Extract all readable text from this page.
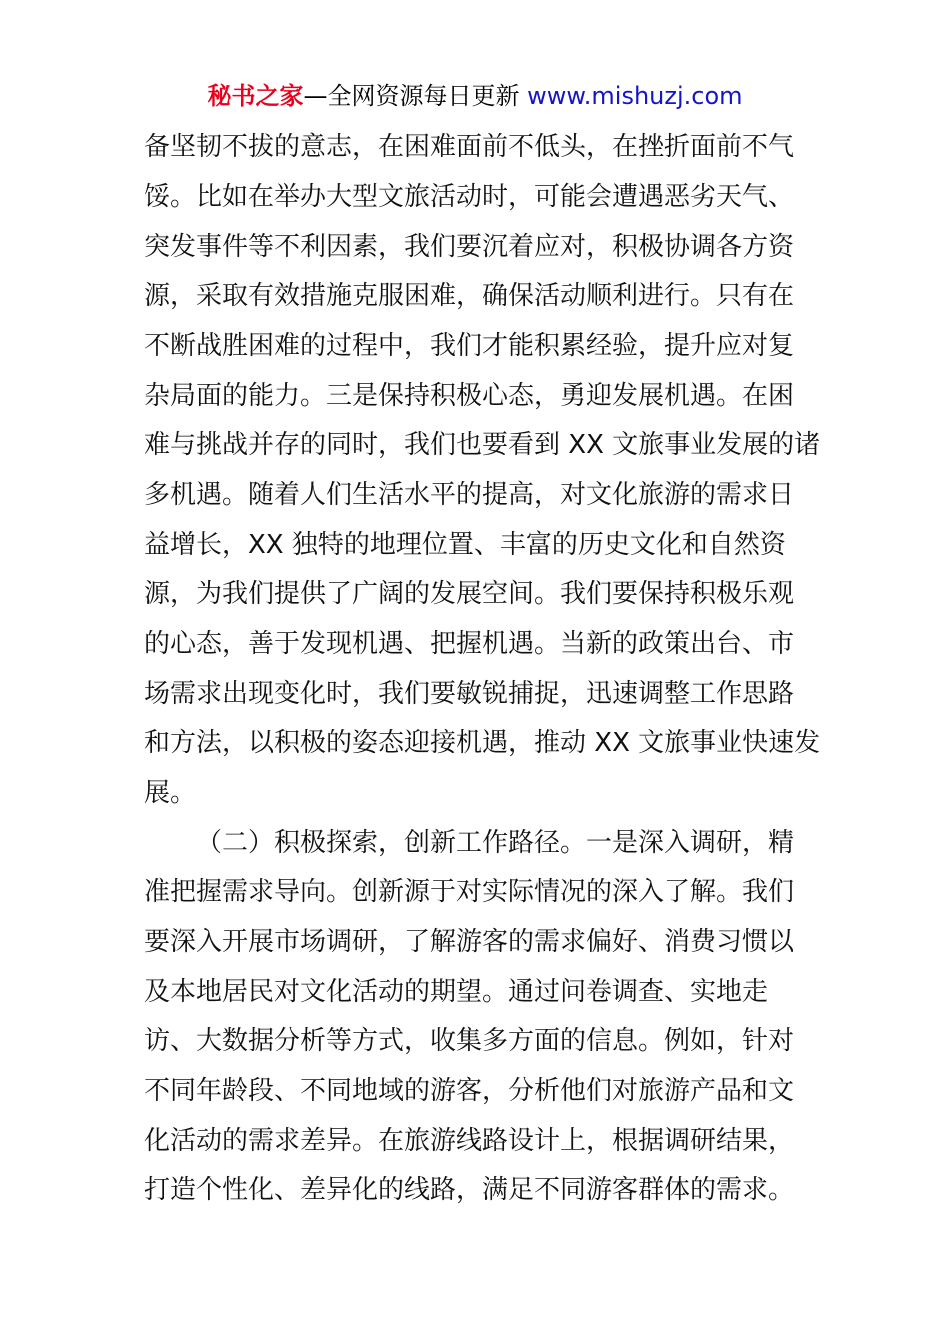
秘书之家—全网资源每日更新 www.mishuzj.com
备坚韧不拔的意志，在困难面前不低头，在挫折面前不气
馁。比如在举办大型文旅活动时，可能会遭遇恶劣天气、
突发事件等不利因素，我们要沉着应对，积极协调各方资
源，采取有效措施克服困难，确保活动顺利进行。只有在
不断战胜困难的过程中，我们才能积累经验，提升应对复
杂局面的能力。三是保持积极心态，勇迎发展机遇。在困
难与挑战并存的同时，我们也要看到 XX 文旅事业发展的诸
多机遇。随着人们生活水平的提高，对文化旅游的需求日
益增长，XX 独特的地理位置、丰富的历史文化和自然资
源，为我们提供了广阔的发展空间。我们要保持积极乐观
的心态，善于发现机遇、把握机遇。当新的政策出台、市
场需求出现变化时，我们要敏锐捕捉，迅速调整工作思路
和方法，以积极的姿态迎接机遇，推动 XX 文旅事业快速发
展。
（二）积极探索，创新工作路径。一是深入调研，精
准把握需求导向。创新源于对实际情况的深入了解。我们
要深入开展市场调研，了解游客的需求偏好、消费习惯以
及本地居民对文化活动的期望。通过问卷调查、实地走
访、大数据分析等方式，收集多方面的信息。例如，针对
不同年龄段、不同地域的游客，分析他们对旅游产品和文
化活动的需求差异。在旅游线路设计上，根据调研结果，
打造个性化、差异化的线路，满足不同游客群体的需求。
